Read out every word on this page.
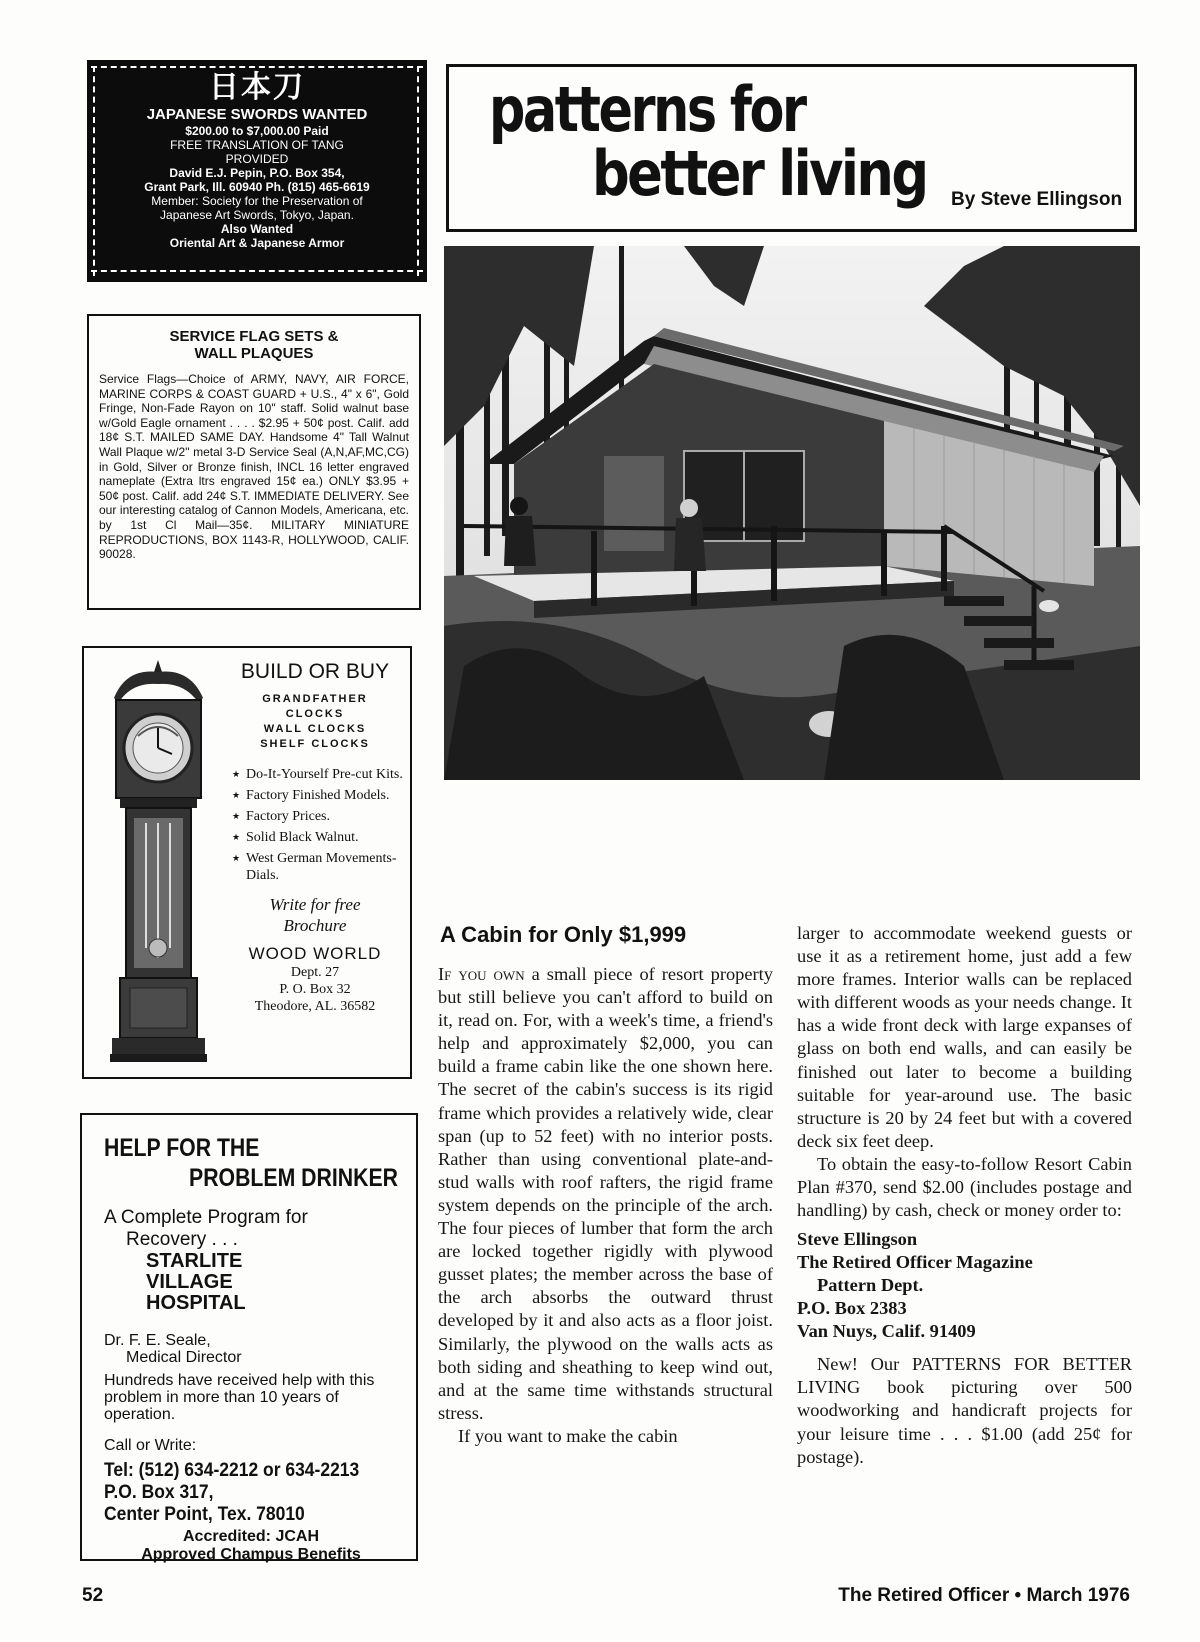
日本刀
JAPANESE SWORDS WANTED
$200.00 to $7,000.00 Paid
FREE TRANSLATION OF TANG
PROVIDED
David E.J. Pepin, P.O. Box 354,
Grant Park, Ill. 60940 Ph. (815) 465-6619
Member: Society for the Preservation of
Japanese Art Swords, Tokyo, Japan.
Also Wanted
Oriental Art & Japanese Armor
SERVICE FLAG SETS &
WALL PLAQUES
Service Flags—Choice of ARMY, NAVY, AIR FORCE, MARINE CORPS & COAST GUARD + U.S., 4" x 6", Gold Fringe, Non-Fade Rayon on 10" staff. Solid walnut base w/Gold Eagle ornament . . . . $2.95 + 50¢ post. Calif. add 18¢ S.T. MAILED SAME DAY. Handsome 4" Tall Walnut Wall Plaque w/2" metal 3-D Service Seal (A,N,AF,MC,CG) in Gold, Silver or Bronze finish, INCL 16 letter engraved nameplate (Extra ltrs engraved 15¢ ea.) ONLY $3.95 + 50¢ post. Calif. add 24¢ S.T. IMMEDIATE DELIVERY. See our interesting catalog of Cannon Models, Americana, etc. by 1st Cl Mail—35¢. MILITARY MINIATURE REPRODUCTIONS, BOX 1143-R, HOLLYWOOD, CALIF. 90028.
BUILD OR BUY
GRANDFATHER
CLOCKS
WALL CLOCKS
SHELF CLOCKS
★ Do-It-Yourself Pre-cut Kits.
★ Factory Finished Models.
★ Factory Prices.
★ Solid Black Walnut.
★ West German Movements-Dials.
Write for free
Brochure
WOOD WORLD
Dept. 27
P. O. Box 32
Theodore, AL. 36582
HELP FOR THE
PROBLEM DRINKER
A Complete Program for
Recovery . . .
STARLITE
VILLAGE
HOSPITAL
Dr. F. E. Seale,
Medical Director
Hundreds have received help with this problem in more than 10 years of operation.
Call or Write:
Tel: (512) 634-2212 or 634-2213
P.O. Box 317,
Center Point, Tex. 78010
Accredited: JCAH
Approved Champus Benefits
patterns for
better living By Steve Ellingson
A Cabin for Only $1,999

If you own a small piece of resort property but still believe you can't afford to build on it, read on. For, with a week's time, a friend's help and approximately $2,000, you can build a frame cabin like the one shown here. The secret of the cabin's success is its rigid frame which provides a relatively wide, clear span (up to 52 feet) with no interior posts. Rather than using conventional plate-and-stud walls with roof rafters, the rigid frame system depends on the principle of the arch. The four pieces of lumber that form the arch are locked together rigidly with plywood gusset plates; the member across the base of the arch absorbs the outward thrust developed by it and also acts as a floor joist. Similarly, the plywood on the walls acts as both siding and sheathing to keep wind out, and at the same time withstands structural stress.

If you want to make the cabin

larger to accommodate weekend guests or use it as a retirement home, just add a few more frames. Interior walls can be replaced with different woods as your needs change. It has a wide front deck with large expanses of glass on both end walls, and can easily be finished out later to become a building suitable for year-around use. The basic structure is 20 by 24 feet but with a covered deck six feet deep.

To obtain the easy-to-follow Resort Cabin Plan #370, send $2.00 (includes postage and handling) by cash, check or money order to:

Steve Ellingson
The Retired Officer Magazine
Pattern Dept.
P.O. Box 2383
Van Nuys, Calif. 91409

New! Our PATTERNS FOR BETTER LIVING book picturing over 500 woodworking and handicraft projects for your leisure time . . . $1.00 (add 25¢ for postage).

52	The Retired Officer • March 1976
